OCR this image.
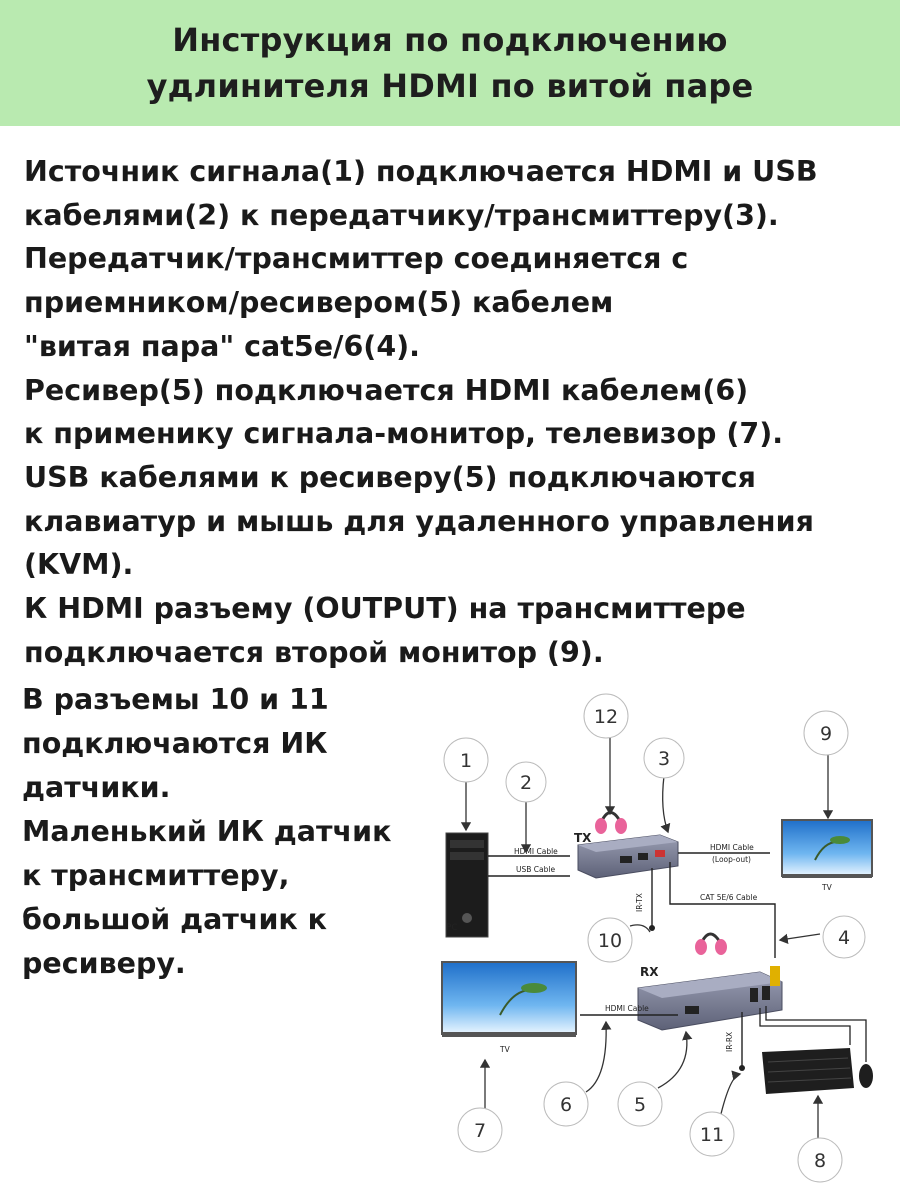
Инструкция по подключению
удлинителя HDMI по витой паре
Источник сигнала(1) подключается HDMI и USB
кабелями(2) к передатчику/трансмиттеру(3).
Передатчик/трансмиттер соединяется с
приемником/ресивером(5) кабелем
"витая пара" cat5e/6(4).
Ресивер(5) подключается HDMI кабелем(6)
к применику сигнала-монитор, телевизор (7).
USB кабелями к ресиверу(5) подключаются
клавиатур и мышь для удаленного управления
(KVM).
К HDMI разъему (OUTPUT) на трансмиттере
подключается второй монитор (9).
В разъемы 10 и 11
подключаются ИК
датчики.
Маленький ИК датчик
к трансмиттеру,
большой датчик к
ресиверу.
PC
HDMI Cable
USB Cable
TX
HDMI Cable
(Loop-out)
TV
IR-TX	CAT 5E/6 Cable
RX
HDMI Cable
TV	IR-RX
1
2
3
4
5
6
7
8
9
10
11
12
